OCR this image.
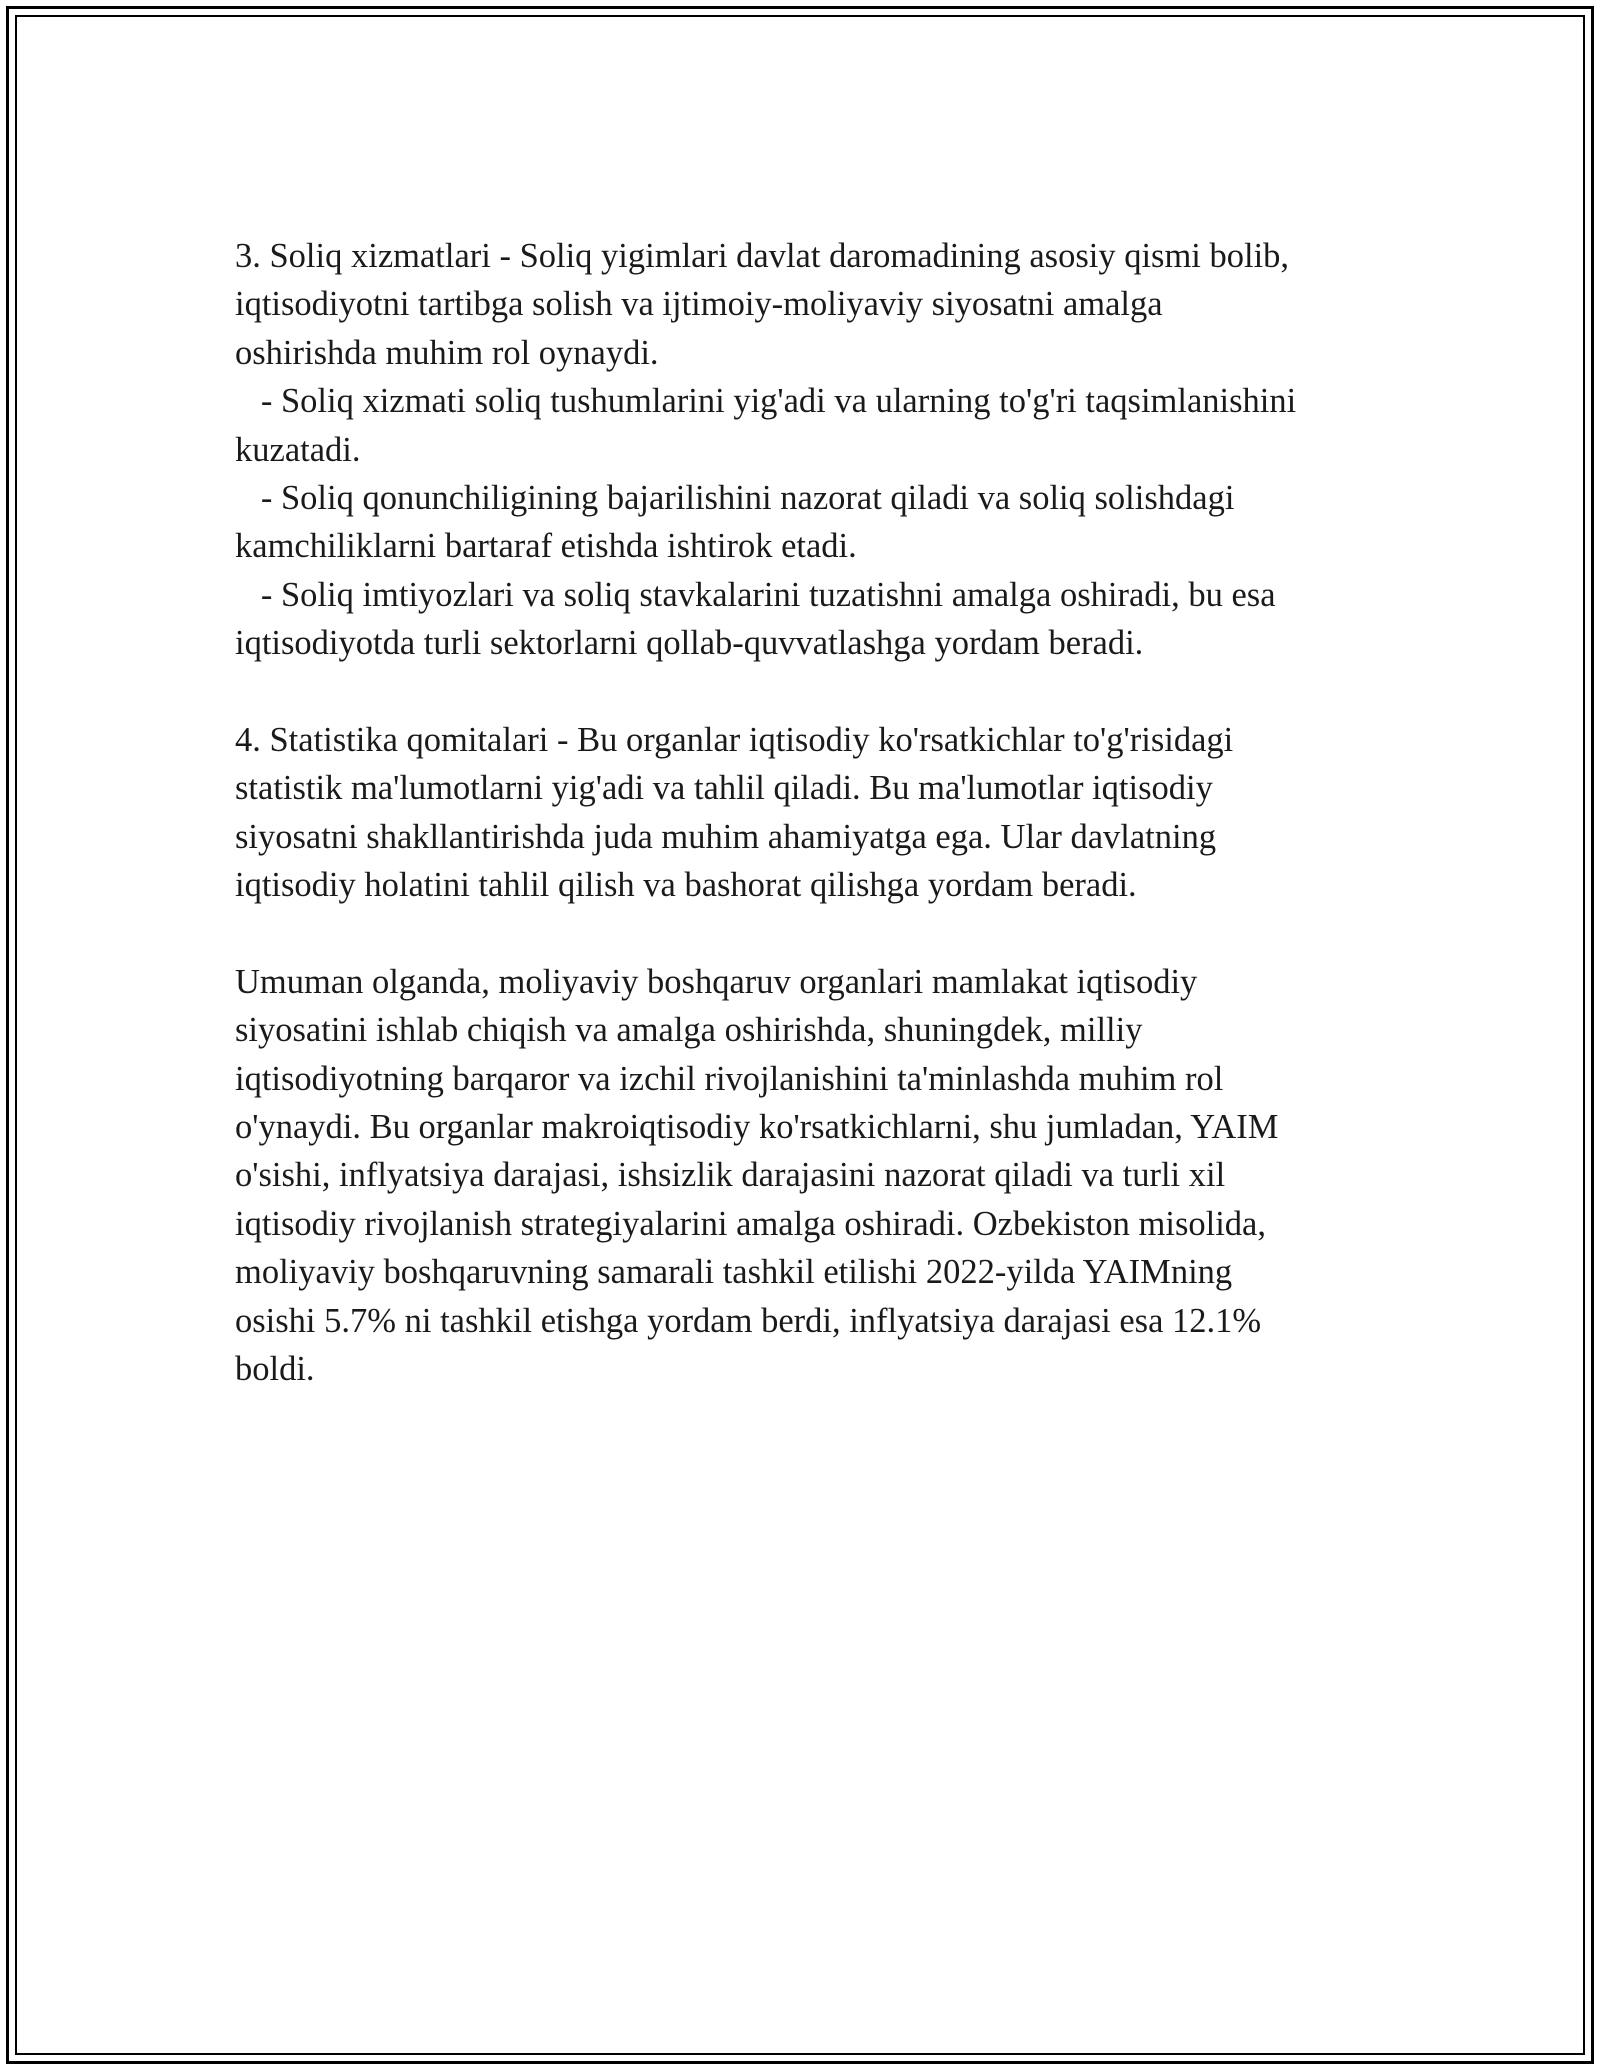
3. Soliq xizmatlari - Soliq yigimlari davlat daromadining asosiy qismi bolib,
iqtisodiyotni tartibga solish va ijtimoiy-moliyaviy siyosatni amalga
oshirishda muhim rol oynaydi.
- Soliq xizmati soliq tushumlarini yig'adi va ularning to'g'ri taqsimlanishini
kuzatadi.
- Soliq qonunchiligining bajarilishini nazorat qiladi va soliq solishdagi
kamchiliklarni bartaraf etishda ishtirok etadi.
- Soliq imtiyozlari va soliq stavkalarini tuzatishni amalga oshiradi, bu esa
iqtisodiyotda turli sektorlarni qollab-quvvatlashga yordam beradi.
4. Statistika qomitalari - Bu organlar iqtisodiy ko'rsatkichlar to'g'risidagi
statistik ma'lumotlarni yig'adi va tahlil qiladi. Bu ma'lumotlar iqtisodiy
siyosatni shakllantirishda juda muhim ahamiyatga ega. Ular davlatning
iqtisodiy holatini tahlil qilish va bashorat qilishga yordam beradi.
Umuman olganda, moliyaviy boshqaruv organlari mamlakat iqtisodiy
siyosatini ishlab chiqish va amalga oshirishda, shuningdek, milliy
iqtisodiyotning barqaror va izchil rivojlanishini ta'minlashda muhim rol
o'ynaydi. Bu organlar makroiqtisodiy ko'rsatkichlarni, shu jumladan, YAIM
o'sishi, inflyatsiya darajasi, ishsizlik darajasini nazorat qiladi va turli xil
iqtisodiy rivojlanish strategiyalarini amalga oshiradi. Ozbekiston misolida,
moliyaviy boshqaruvning samarali tashkil etilishi 2022-yilda YAIMning
osishi 5.7% ni tashkil etishga yordam berdi, inflyatsiya darajasi esa 12.1%
boldi.
